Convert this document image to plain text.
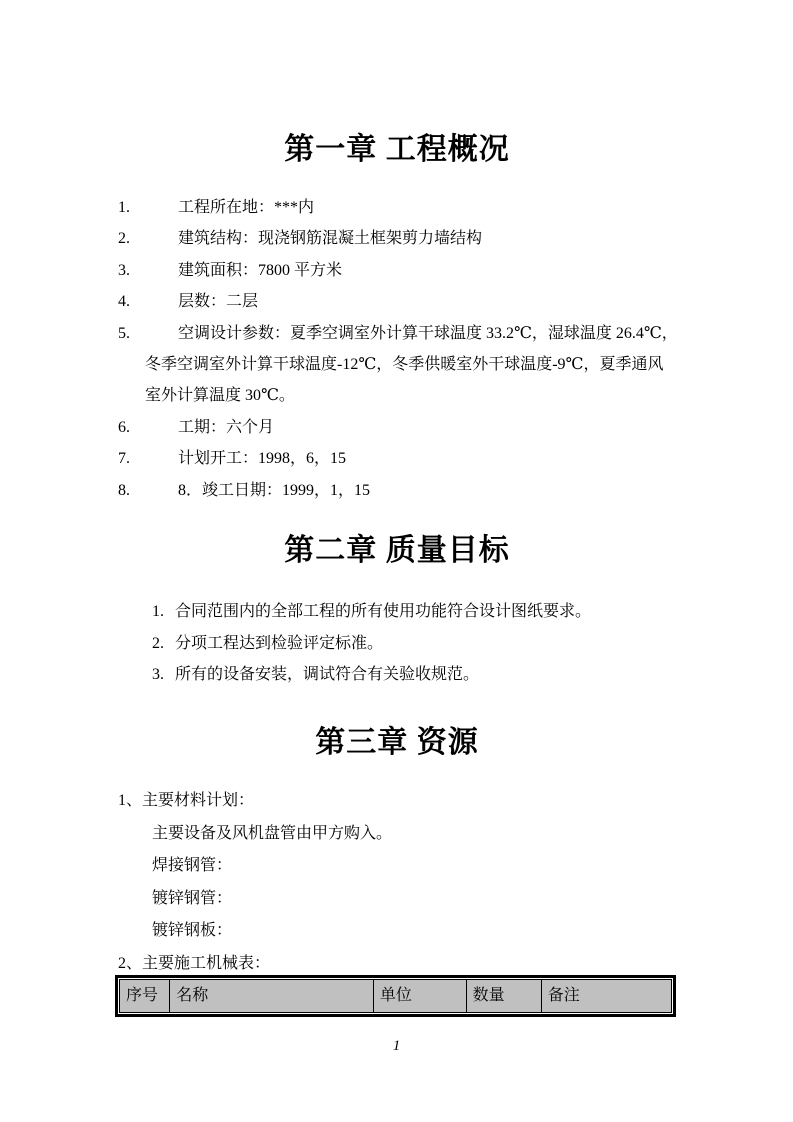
第一章 工程概况
1.	工程所在地：***内
2.	建筑结构：现浇钢筋混凝土框架剪力墙结构
3.	建筑面积：7800 平方米
4.	层数：二层
5.	空调设计参数：夏季空调室外计算干球温度 33.2℃，湿球温度 26.4℃，
冬季空调室外计算干球温度-12℃，冬季供暖室外干球温度-9℃，夏季通风
室外计算温度 30℃。
6.	工期：六个月
7.	计划开工：1998，6，15
8.	8．竣工日期：1999，1，15
第二章 质量目标
1. 合同范围内的全部工程的所有使用功能符合设计图纸要求。
2. 分项工程达到检验评定标准。
3. 所有的设备安装，调试符合有关验收规范。
第三章 资源
1、主要材料计划：
主要设备及风机盘管由甲方购入。
焊接钢管：
镀锌钢管：
镀锌钢板：
2、主要施工机械表：
序号	名称	单位	数量	备注
1
